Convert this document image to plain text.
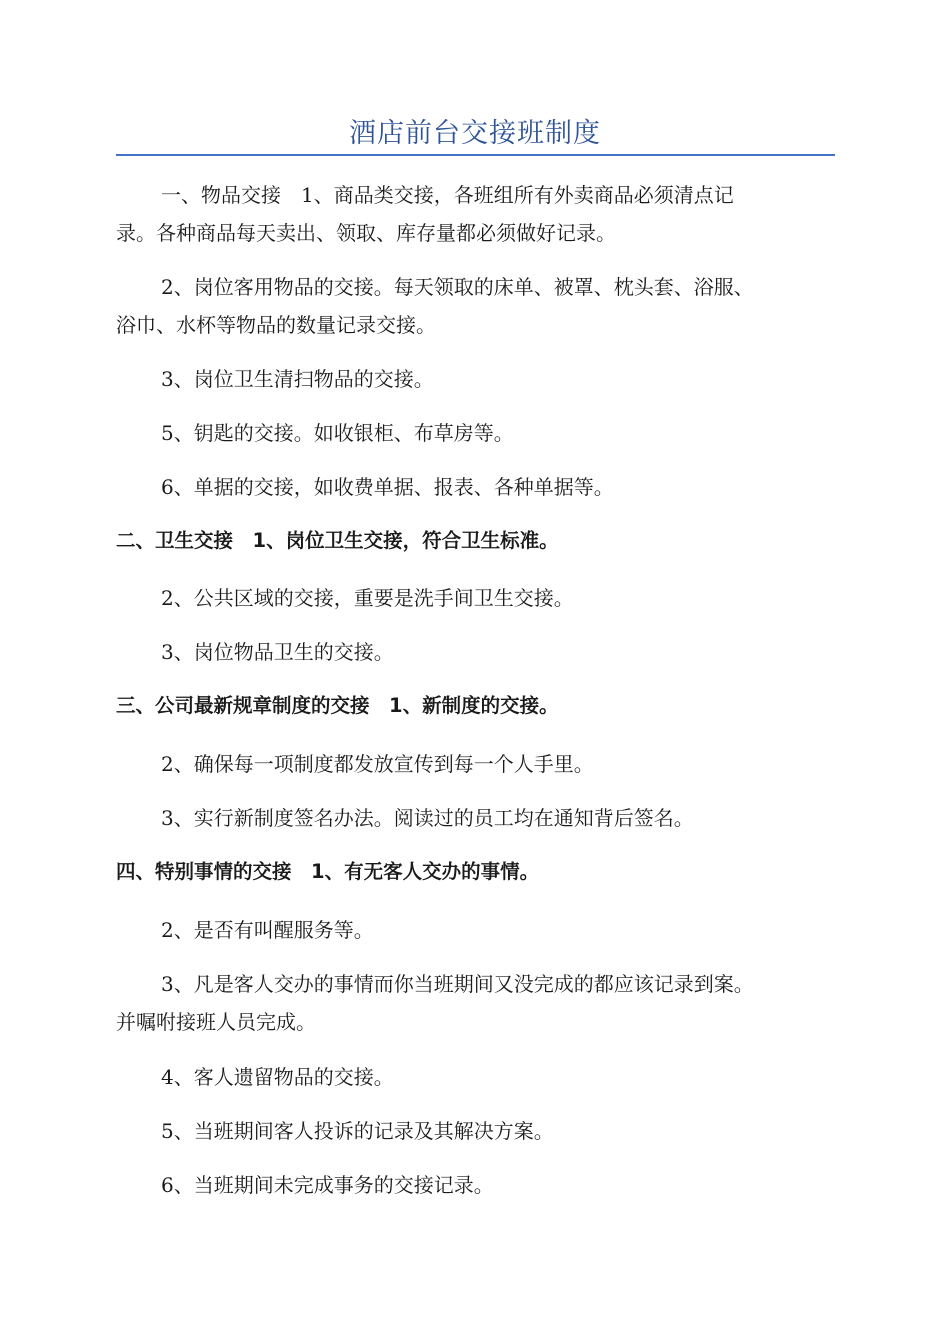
酒店前台交接班制度
一、物品交接　1、商品类交接，各班组所有外卖商品必须清点记
录。各种商品每天卖出、领取、库存量都必须做好记录。
2、岗位客用物品的交接。每天领取的床单、被罩、枕头套、浴服、
浴巾、水杯等物品的数量记录交接。
3、岗位卫生清扫物品的交接。
5、钥匙的交接。如收银柜、布草房等。
6、单据的交接，如收费单据、报表、各种单据等。
二、卫生交接　1、岗位卫生交接，符合卫生标准。
2、公共区域的交接，重要是洗手间卫生交接。
3、岗位物品卫生的交接。
三、公司最新规章制度的交接　1、新制度的交接。
2、确保每一项制度都发放宣传到每一个人手里。
3、实行新制度签名办法。阅读过的员工均在通知背后签名。
四、特别事情的交接　1、有无客人交办的事情。
2、是否有叫醒服务等。
3、凡是客人交办的事情而你当班期间又没完成的都应该记录到案。
并嘱咐接班人员完成。
4、客人遗留物品的交接。
5、当班期间客人投诉的记录及其解决方案。
6、当班期间未完成事务的交接记录。
